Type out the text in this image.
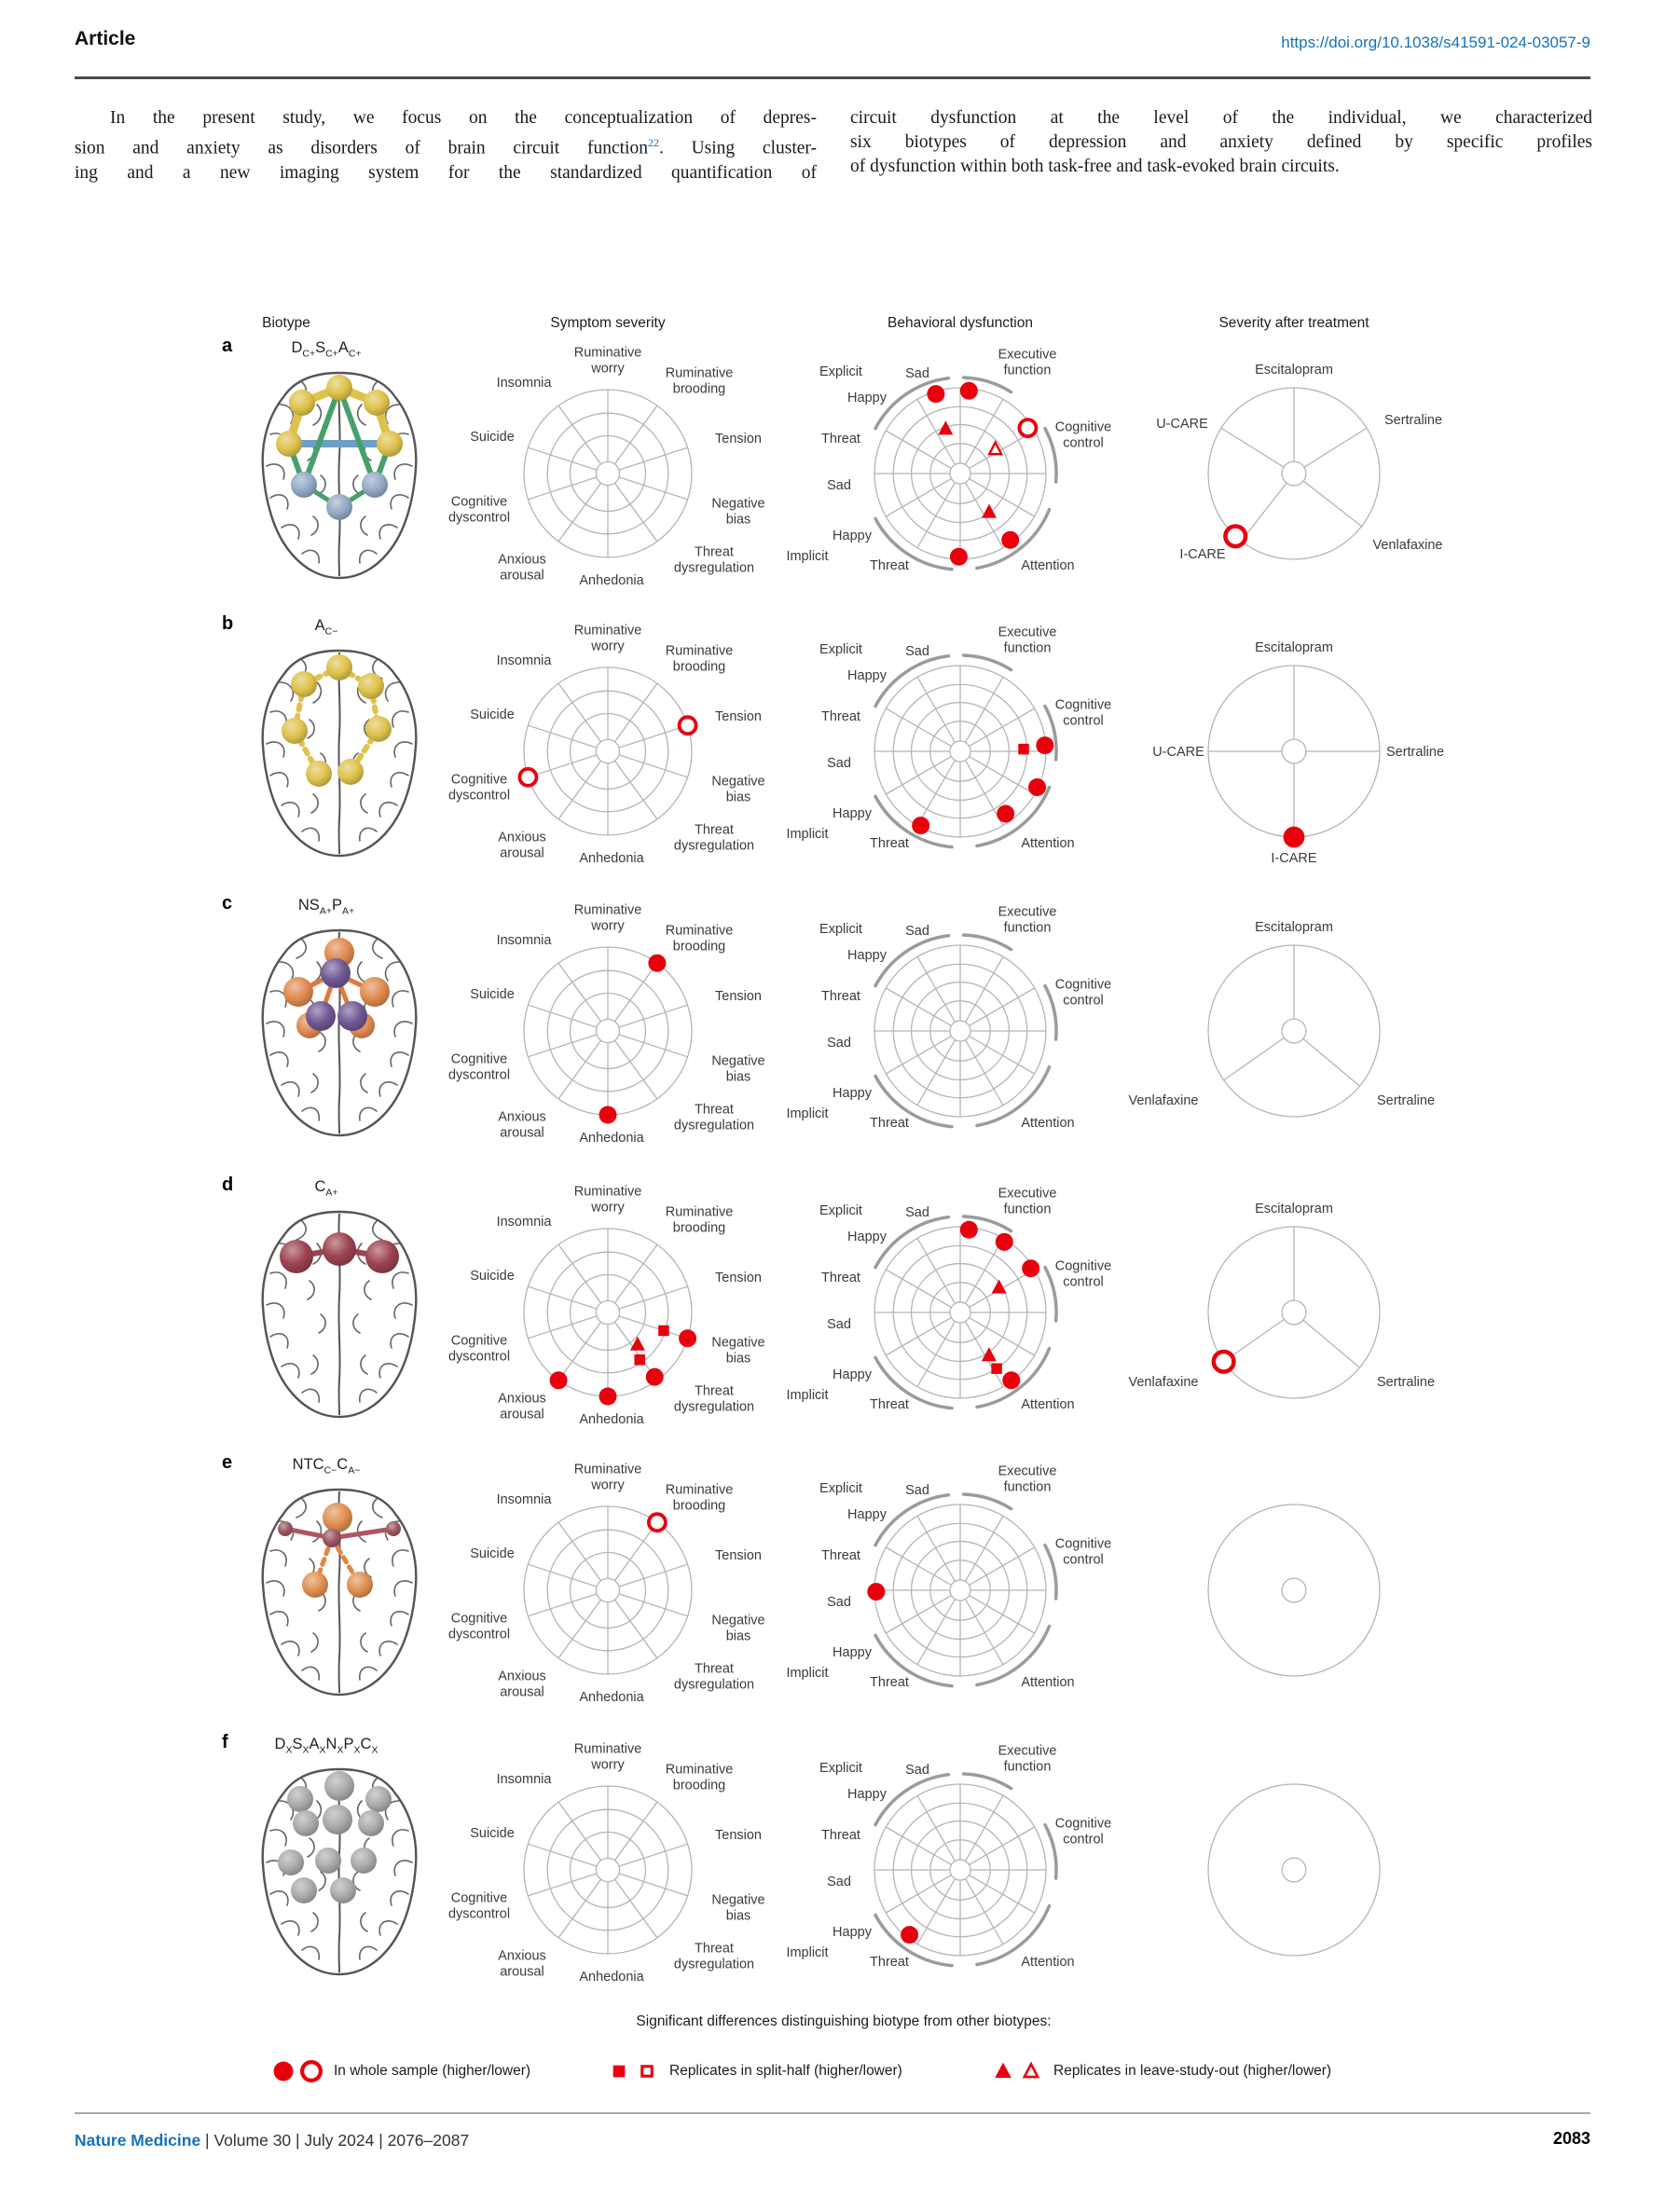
Article	https://doi.org/10.1038/s41591-024-03057-9
In the present study, we focus on the conceptualization of depres-
sion and anxiety as disorders of brain circuit function$^{22}$. Using cluster-
ing and a new imaging system for the standardized quantification of
circuit dysfunction at the level of the individual, we characterized
six biotypes of depression and anxiety defined by specific profiles
of dysfunction within both task-free and task-evoked brain circuits.
Biotype	Symptom severity	Behavioral dysfunction	Severity after treatment
a	$D_{C+}S_{C+}A_{C+}$	Ruminative worry	Ruminative brooding
Tension
Negative bias
Threat dysregulation
Anhedonia
Anxious arousal
Cognitive dyscontrol
Suicide
Insomnia
Sad
Executive function
Cognitive control
Attention
Threat
Happy
Implicit
Sad
Threat
Happy
Explicit	Escitalopram
Sertraline
Venlafaxine
I-CARE
U-CARE
b	$A_{C-}$	Ruminative worry	Ruminative brooding
Tension
Negative bias
Threat dysregulation
Anhedonia
Anxious arousal
Cognitive dyscontrol
Suicide
Insomnia
Sad
Executive function
Cognitive control
Attention
Threat
Happy
Implicit
Sad
Threat
Happy
Explicit	Escitalopram
Sertraline
I-CARE
U-CARE
c	$NS_{A+}P_{A+}$	Ruminative worry	Ruminative brooding
Tension
Negative bias
Threat dysregulation
Anhedonia
Anxious arousal
Cognitive dyscontrol
Suicide
Insomnia
Sad
Executive function
Cognitive control
Attention
Threat
Happy
Implicit
Sad
Threat
Happy
Explicit	Escitalopram
Venlafaxine	Sertraline
d	$C_{A+}$	Ruminative worry	Ruminative brooding
Tension
Negative bias
Threat dysregulation
Anhedonia
Anxious arousal
Cognitive dyscontrol
Suicide
Insomnia
Sad
Executive function
Cognitive control
Attention
Threat
Happy
Implicit
Sad
Threat
Happy
Explicit	Escitalopram
Venlafaxine	Sertraline
e	$NTC_{C-}C_{A-}$	Ruminative worry	Ruminative brooding
Tension
Negative bias
Threat dysregulation
Anhedonia
Anxious arousal
Cognitive dyscontrol
Suicide
Insomnia
Sad
Executive function
Cognitive control
Attention
Threat
Happy
Implicit
Sad
Threat
Happy
Explicit
f	$D_XS_XA_XN_XP_XC_X$	Ruminative worry	Ruminative brooding
Tension
Negative bias
Threat dysregulation
Anhedonia
Anxious arousal
Cognitive dyscontrol
Suicide
Insomnia
Sad
Executive function
Cognitive control
Attention
Threat
Happy
Implicit
Sad
Threat
Happy
Explicit
Significant differences distinguishing biotype from other biotypes:
Nature Medicine | Volume 30 | July 2024 | 2076–2087	2083
In whole sample (higher/lower)	Replicates in split-half (higher/lower)	Replicates in leave-study-out (higher/lower)
